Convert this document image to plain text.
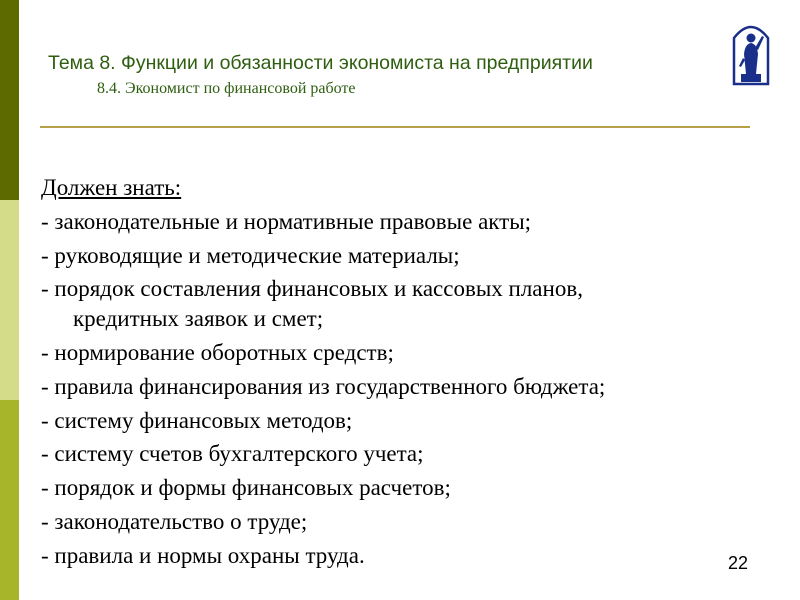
Тема 8. Функции и обязанности экономиста на предприятии
8.4. Экономист по финансовой работе
Должен знать:
- законодательные и нормативные правовые акты;
- руководящие и методические материалы;
- порядок составления финансовых и кассовых планов,
кредитных заявок и смет;
- нормирование оборотных средств;
- правила финансирования из государственного бюджета;
- систему финансовых методов;
- систему счетов бухгалтерского учета;
- порядок и формы финансовых расчетов;
- законодательство о труде;
- правила и нормы охраны труда.	22
